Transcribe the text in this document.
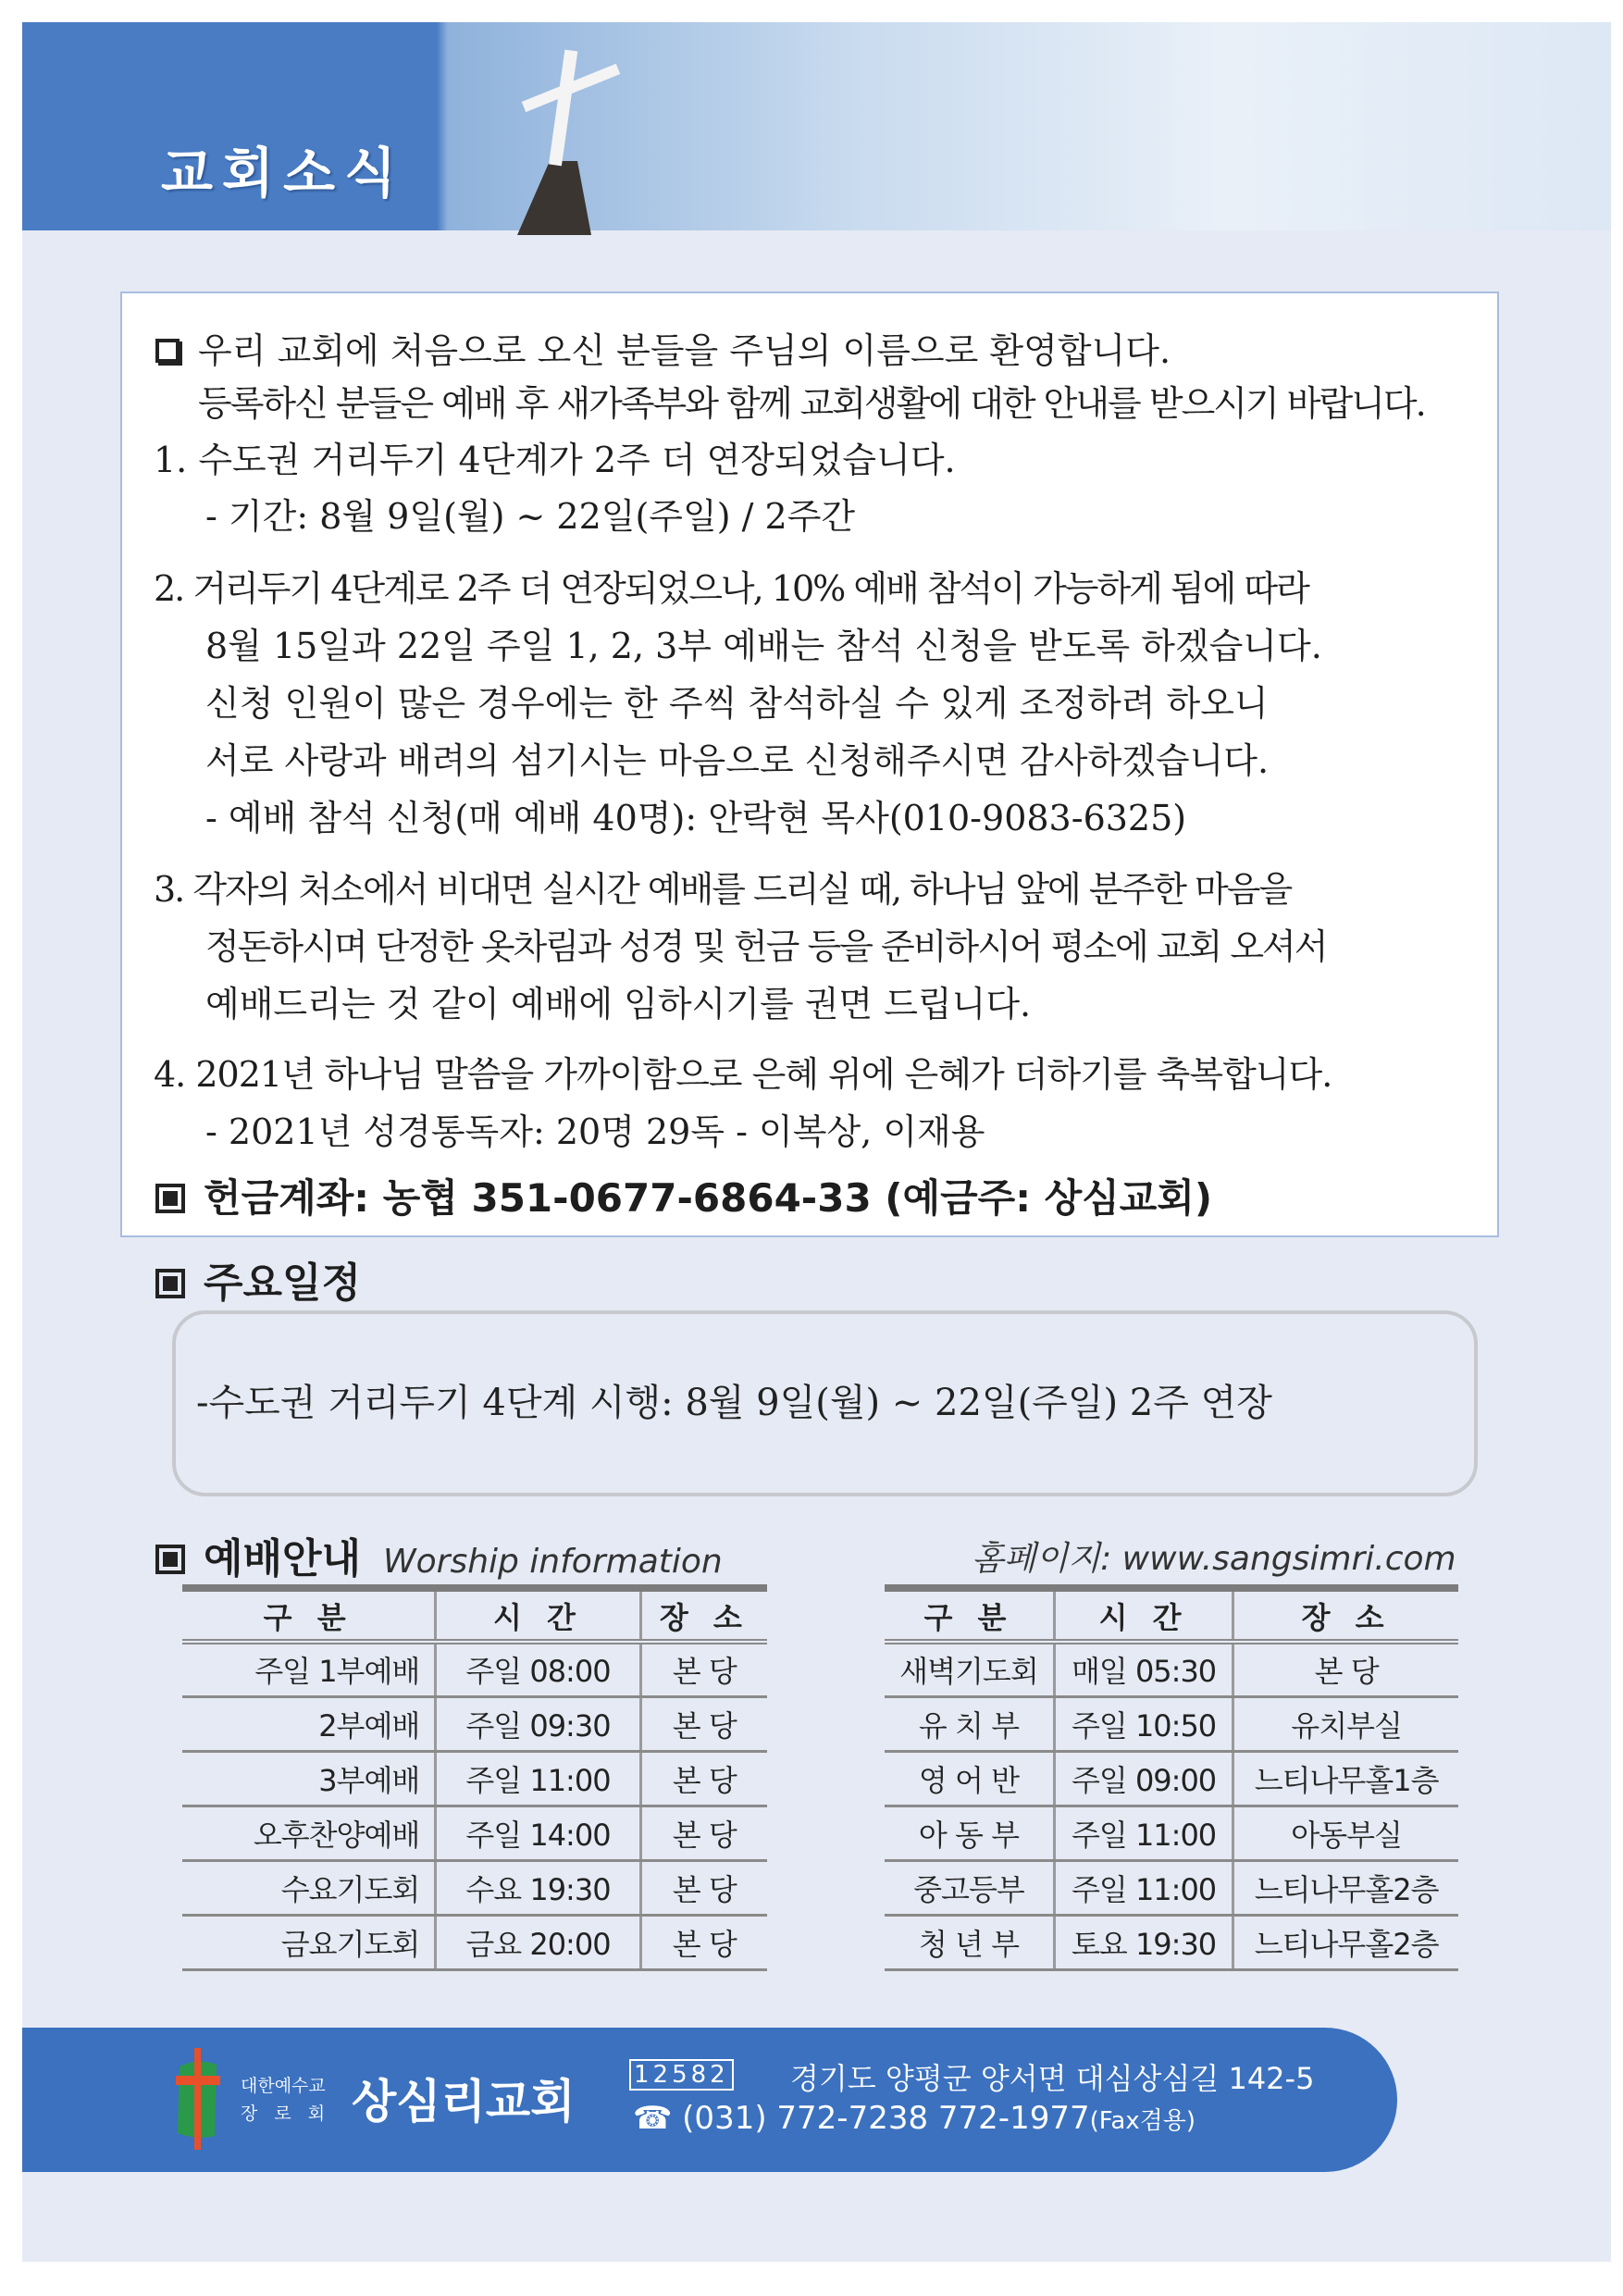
교회소식
우리 교회에 처음으로 오신 분들을 주님의 이름으로 환영합니다.
등록하신 분들은 예배 후 새가족부와 함께 교회생활에 대한 안내를 받으시기 바랍니다.
1. 수도권 거리두기 4단계가 2주 더 연장되었습니다.
- 기간: 8월 9일(월) ~ 22일(주일) / 2주간
2. 거리두기 4단계로 2주 더 연장되었으나, 10% 예배 참석이 가능하게 됨에 따라
8월 15일과 22일 주일 1, 2, 3부 예배는 참석 신청을 받도록 하겠습니다.
신청 인원이 많은 경우에는 한 주씩 참석하실 수 있게 조정하려 하오니
서로 사랑과 배려의 섬기시는 마음으로 신청해주시면 감사하겠습니다.
- 예배 참석 신청(매 예배 40명): 안락현 목사(010-9083-6325)
3. 각자의 처소에서 비대면 실시간 예배를 드리실 때, 하나님 앞에 분주한 마음을
정돈하시며 단정한 옷차림과 성경 및 헌금 등을 준비하시어 평소에 교회 오셔서
예배드리는 것 같이 예배에 임하시기를 권면 드립니다.
4. 2021년 하나님 말씀을 가까이함으로 은혜 위에 은혜가 더하기를 축복합니다.
- 2021년 성경통독자: 20명 29독 - 이복상, 이재용
헌금계좌: 농협 351-0677-6864-33 (예금주: 상심교회)
주요일정
-수도권 거리두기 4단계 시행: 8월 9일(월) ~ 22일(주일) 2주 연장
예배안내 Worship information	홈페이지: www.sangsimri.com
구 분	시 간	장 소
주일 1부예배	주일 08:00	본 당
2부예배	주일 09:30	본 당
3부예배	주일 11:00	본 당
오후찬양예배	주일 14:00	본 당
수요기도회	수요 19:30	본 당
금요기도회	금요 20:00	본 당
구 분	시 간	장 소
새벽기도회	매일 05:30	본 당
유 치 부	주일 10:50	유치부실
영 어 반	주일 09:00	느티나무홀1층
아 동 부	주일 11:00	아동부실
중고등부	주일 11:00	느티나무홀2층
청 년 부	토요 19:30	느티나무홀2층
대한예수교
장 로 회 상심리교회 12582 경기도 양평군 양서면 대심상심길 142-5
☎ (031) 772-7238 772-1977(Fax겸용)
